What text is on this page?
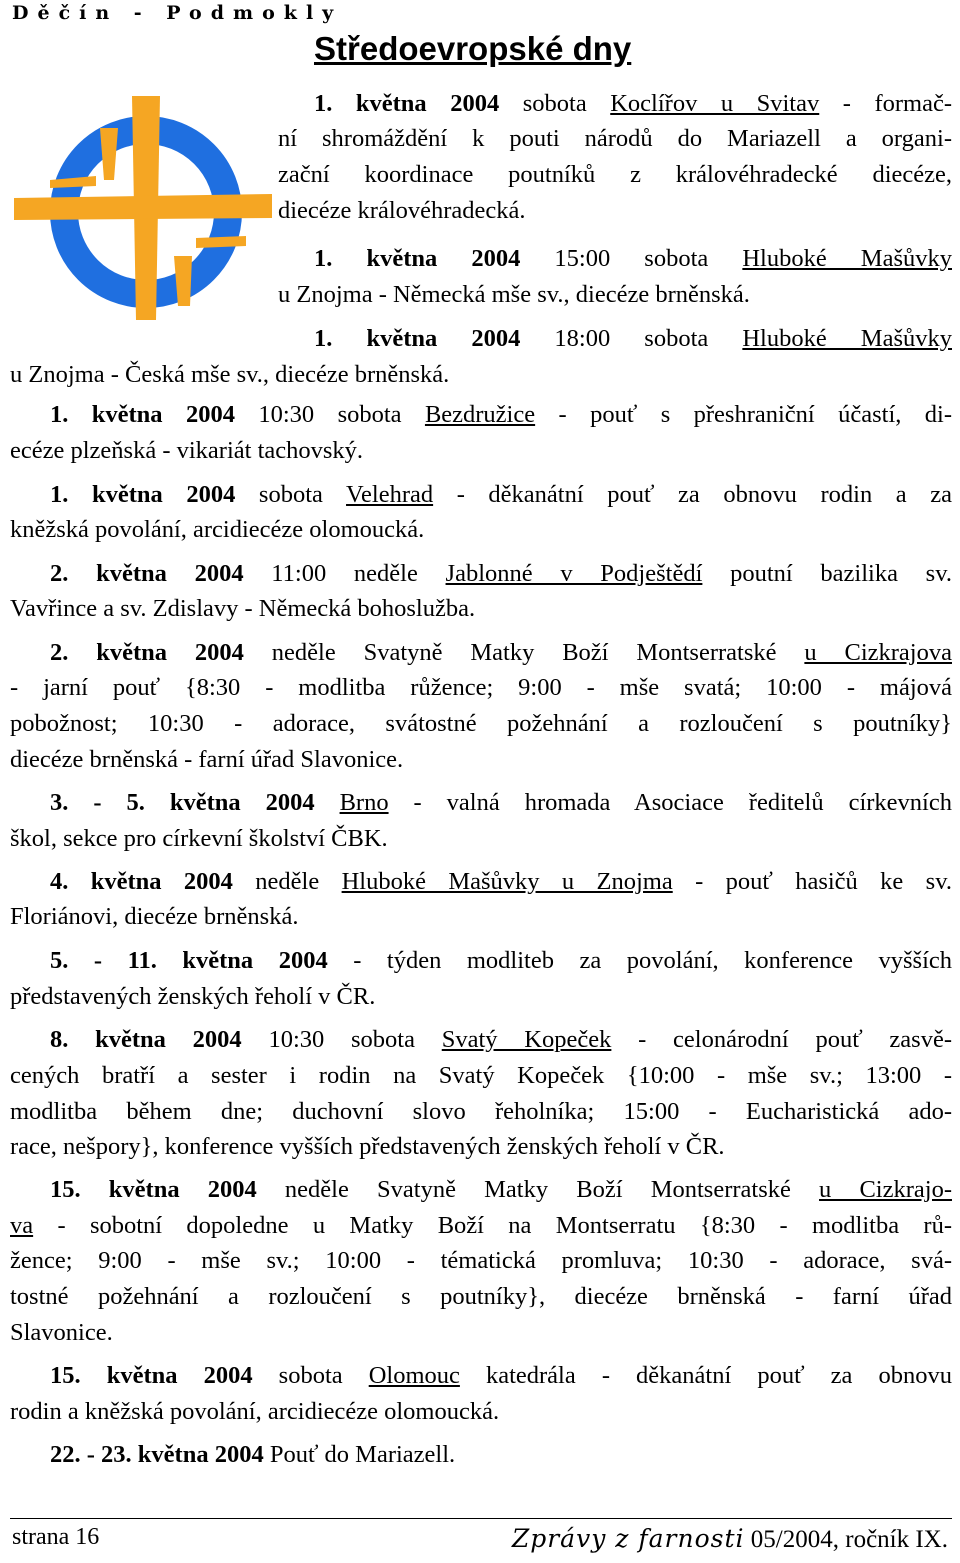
Děčín - Podmokly
Středoevropské dny
1. května 2004 sobota Koclířov u Svitav - formač-
ní shromáždění k pouti národů do Mariazell a organi-
zační koordinace poutníků z královéhradecké diecéze,
diecéze královéhradecká.
1. května 2004 15:00 sobota Hluboké Mašůvky
u Znojma - Německá mše sv., diecéze brněnská.
1. května 2004 18:00 sobota Hluboké Mašůvky
u Znojma - Česká mše sv., diecéze brněnská.
1. května 2004 10:30 sobota Bezdružice - pouť s přeshraniční účastí, di-
ecéze plzeňská - vikariát tachovský.
1. května 2004 sobota Velehrad - děkanátní pouť za obnovu rodin a za
kněžská povolání, arcidiecéze olomoucká.
2. května 2004 11:00 neděle Jablonné v Podještědí poutní bazilika sv.
Vavřince a sv. Zdislavy - Německá bohoslužba.
2. května 2004 neděle Svatyně Matky Boží Montserratské u Cizkrajova
- jarní pouť {8:30 - modlitba růžence; 9:00 - mše svatá; 10:00 - májová
pobožnost; 10:30 - adorace, svátostné požehnání a rozloučení s poutníky}
diecéze brněnská - farní úřad Slavonice.
3. - 5. května 2004 Brno - valná hromada Asociace ředitelů církevních
škol, sekce pro církevní školství ČBK.
4. května 2004 neděle Hluboké Mašůvky u Znojma - pouť hasičů ke sv.
Floriánovi, diecéze brněnská.
5. - 11. května 2004 - týden modliteb za povolání, konference vyšších
představených ženských řeholí v ČR.
8. května 2004 10:30 sobota Svatý Kopeček - celonárodní pouť zasvě-
cených bratří a sester i rodin na Svatý Kopeček {10:00 - mše sv.; 13:00 -
modlitba během dne; duchovní slovo řeholníka; 15:00 - Eucharistická ado-
race, nešpory}, konference vyšších představených ženských řeholí v ČR.
15. května 2004 neděle Svatyně Matky Boží Montserratské u Cizkrajo-
va - sobotní dopoledne u Matky Boží na Montserratu {8:30 - modlitba rů-
žence; 9:00 - mše sv.; 10:00 - tématická promluva; 10:30 - adorace, svá-
tostné požehnání a rozloučení s poutníky}, diecéze brněnská - farní úřad
Slavonice.
15. května 2004 sobota Olomouc katedrála - děkanátní pouť za obnovu
rodin a kněžská povolání, arcidiecéze olomoucká.
22. - 23. května 2004 Pouť do Mariazell.
strana 16	Zprávy z farnosti 05/2004, ročník IX.
